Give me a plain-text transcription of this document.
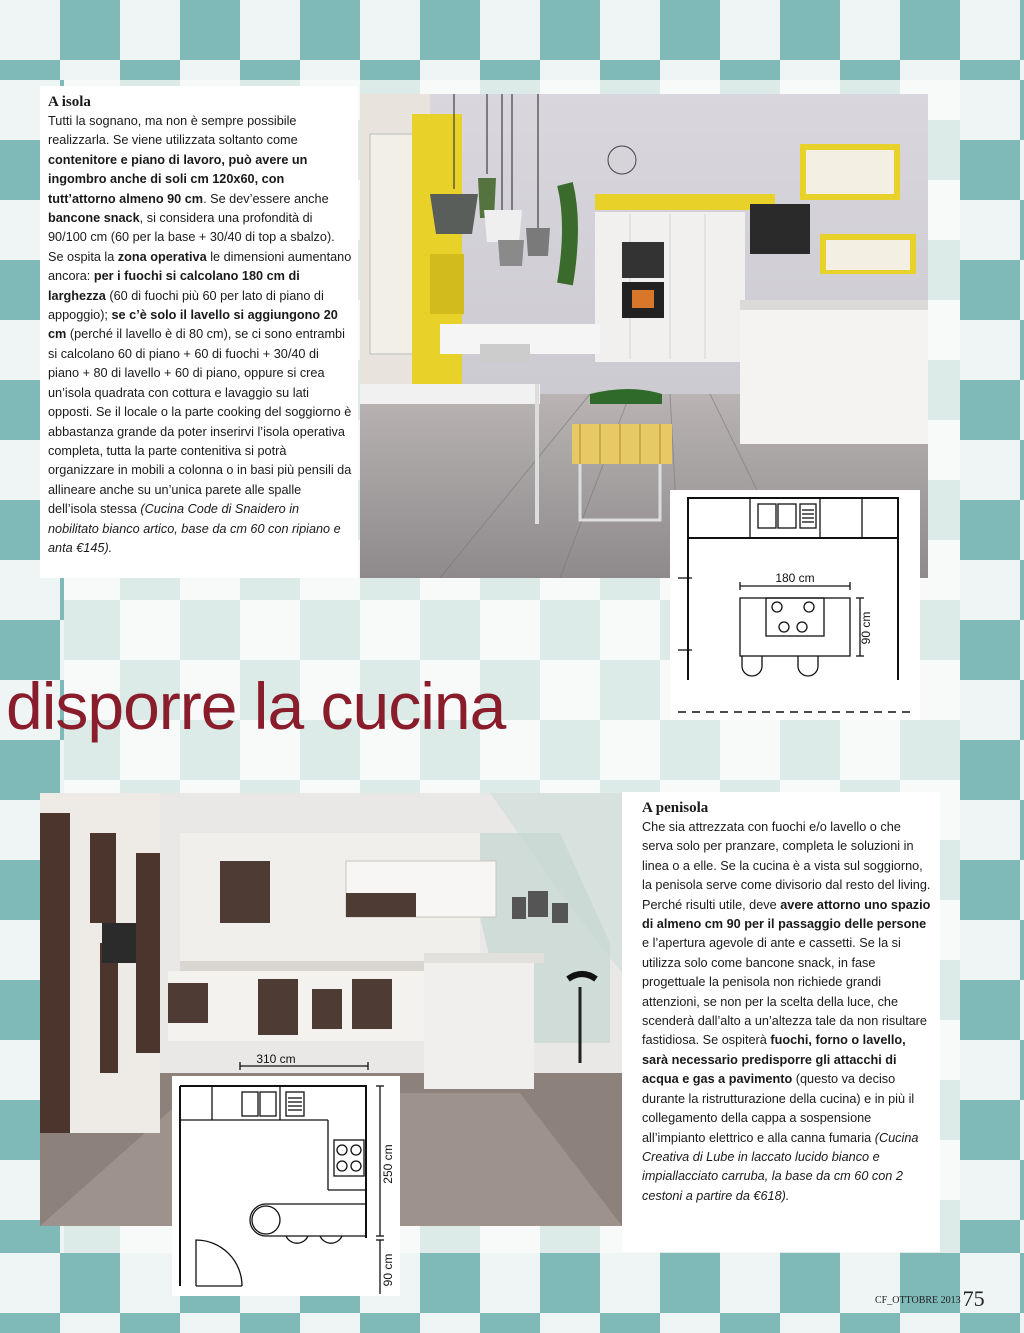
A isola
Tutti la sognano, ma non è sempre possibile realizzarla. Se viene utilizzata soltanto come contenitore e piano di lavoro, può avere un ingombro anche di soli cm 120x60, con tutt’attorno almeno 90 cm. Se dev’essere anche bancone snack, si considera una profondità di 90/100 cm (60 per la base + 30/40 di top a sbalzo). Se ospita la zona operativa le dimensioni aumentano ancora: per i fuochi si calcolano 180 cm di larghezza (60 di fuochi più 60 per lato di piano di appoggio); se c’è solo il lavello si aggiungono 20 cm (perché il lavello è di 80 cm), se ci sono entrambi si calcolano 60 di piano + 60 di fuochi + 30/40 di piano + 80 di lavello + 60 di piano, oppure si crea un’isola quadrata con cottura e lavaggio su lati opposti. Se il locale o la parte cooking del soggiorno è abbastanza grande da poter inserirvi l’isola operativa completa, tutta la parte contenitiva si potrà organizzare in mobili a colonna o in basi più pensili da allineare anche su un’unica parete alle spalle dell’isola stessa (Cucina Code di Snaidero in nobilitato bianco artico, base da cm 60 con ripiano e anta €145).
180 cm
90 cm
disporre la cucina
310 cm
250 cm
90 cm
A penisola
Che sia attrezzata con fuochi e/o lavello o che serva solo per pranzare, completa le soluzioni in linea o a elle. Se la cucina è a vista sul soggiorno, la penisola serve come divisorio dal resto del living. Perché risulti utile, deve avere attorno uno spazio di almeno cm 90 per il passaggio delle persone e l’apertura agevole di ante e cassetti. Se la si utilizza solo come bancone snack, in fase progettuale la penisola non richiede grandi attenzioni, se non per la scelta della luce, che scenderà dall’alto a un’altezza tale da non risultare fastidiosa. Se ospiterà fuochi, forno o lavello, sarà necessario predisporre gli attacchi di acqua e gas a pavimento (questo va deciso durante la ristrutturazione della cucina) e in più il collegamento della cappa a sospensione all’impianto elettrico e alla canna fumaria (Cucina Creativa di Lube in laccato lucido bianco e impiallacciato carruba, la base da cm 60 con 2 cestoni a partire da €618).
CF_OTTOBRE 201375
